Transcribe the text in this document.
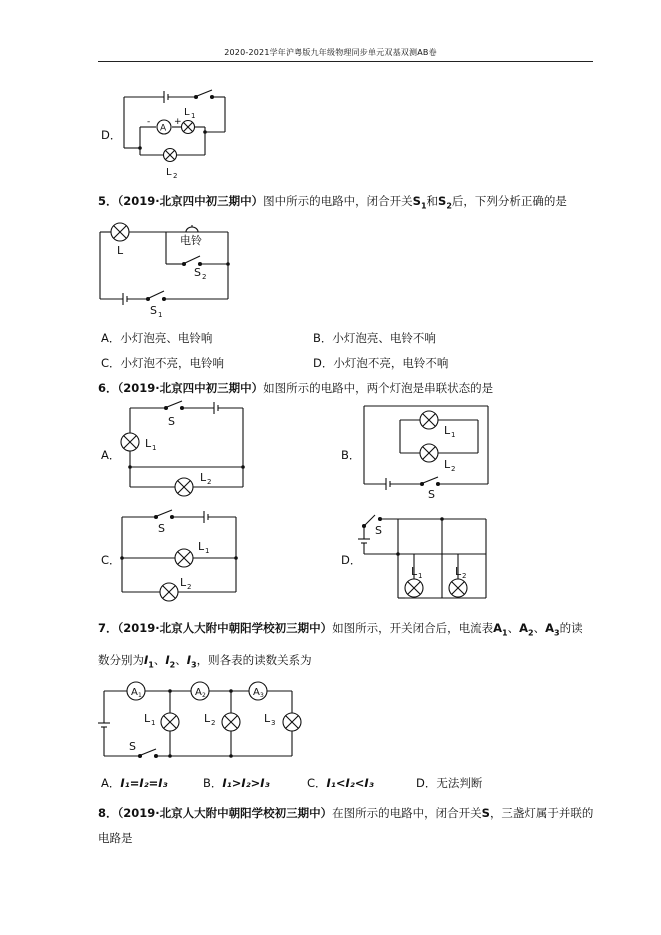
2020-2021学年沪粤版九年级物理同步单元双基双测AB卷
D．	A
-	+
L 1
L 2
5．（2019·北京四中初三期中）图中所示的电路中，闭合开关$S_1$和$S_2$后，下列分析正确的是
电铃
L
S 2
S 1
A．小灯泡亮、电铃响	B．小灯泡亮、电铃不响
C．小灯泡不亮，电铃响	D．小灯泡不亮，电铃不响
6．（2019·北京四中初三期中）如图所示的电路中，两个灯泡是串联状态的是
A．
S
L 1
L 2
B．
L 1
L 2
S
C．
S
L 1
L 2
D．
S
L 1	L 2
7．（2019·北京人大附中朝阳学校初三期中）如图所示，开关闭合后，电流表$A_1$、$A_2$、$A_3$的读
数分别为$I_1$、$I_2$、$I_3$，则各表的读数关系为
A 1	A 2	A 3
L 1	L 2	L 3
S
A．I₁=I₂=I₃	B．I₁>I₂>I₃	C．I₁<I₂<I₃	D．无法判断
8．（2019·北京人大附中朝阳学校初三期中）在图所示的电路中，闭合开关S，三盏灯属于并联的
电路是
